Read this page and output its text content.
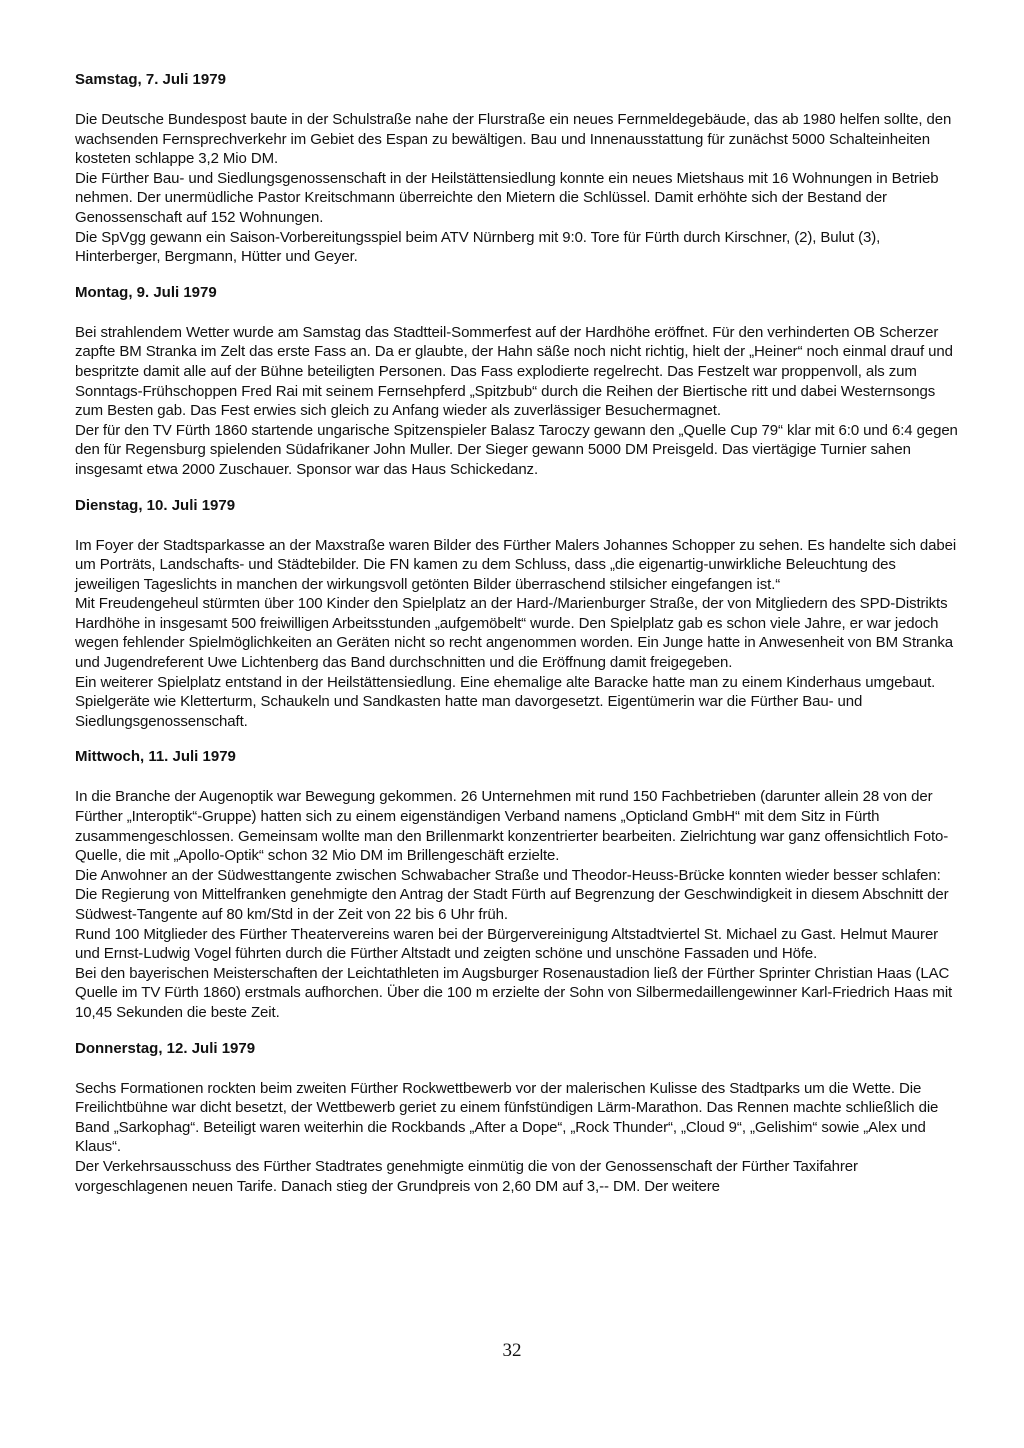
Samstag, 7. Juli 1979

Die Deutsche Bundespost baute in der Schulstraße nahe der Flurstraße ein neues Fernmeldegebäude, das ab 1980 helfen sollte, den wachsenden Fernsprechverkehr im Gebiet des Espan zu bewältigen. Bau und Innenausstattung für zunächst 5000 Schalteinheiten kosteten schlappe 3,2 Mio DM.

Die Fürther Bau- und Siedlungsgenossenschaft in der Heilstättensiedlung konnte ein neues Mietshaus mit 16 Wohnungen in Betrieb nehmen. Der unermüdliche Pastor Kreitschmann überreichte den Mietern die Schlüssel. Damit erhöhte sich der Bestand der Genossenschaft auf 152 Wohnungen.

Die SpVgg gewann ein Saison-Vorbereitungsspiel beim ATV Nürnberg mit 9:0. Tore für Fürth durch Kirschner, (2), Bulut (3), Hinterberger, Bergmann, Hütter und Geyer.

Montag, 9. Juli 1979

Bei strahlendem Wetter wurde am Samstag das Stadtteil-Sommerfest auf der Hardhöhe eröffnet. Für den verhinderten OB Scherzer zapfte BM Stranka im Zelt das erste Fass an. Da er glaubte, der Hahn säße noch nicht richtig, hielt der „Heiner“ noch einmal drauf und bespritzte damit alle auf der Bühne beteiligten Personen. Das Fass explodierte regelrecht. Das Festzelt war proppenvoll, als zum Sonntags-Frühschoppen Fred Rai mit seinem Fernsehpferd „Spitzbub“ durch die Reihen der Biertische ritt und dabei Westernsongs zum Besten gab. Das Fest erwies sich gleich zu Anfang wieder als zuverlässiger Besuchermagnet.

Der für den TV Fürth 1860 startende ungarische Spitzenspieler Balasz Taroczy gewann den „Quelle Cup 79“ klar mit 6:0 und 6:4 gegen den für Regensburg spielenden Südafrikaner John Muller. Der Sieger gewann 5000 DM Preisgeld. Das viertägige Turnier sahen insgesamt etwa 2000 Zuschauer. Sponsor war das Haus Schickedanz.

Dienstag, 10. Juli 1979

Im Foyer der Stadtsparkasse an der Maxstraße waren Bilder des Fürther Malers Johannes Schopper zu sehen. Es handelte sich dabei um Porträts, Landschafts- und Städtebilder. Die FN kamen zu dem Schluss, dass „die eigenartig-unwirkliche Beleuchtung des jeweiligen Tageslichts in manchen der wirkungsvoll getönten Bilder überraschend stilsicher eingefangen ist.“

Mit Freudengeheul stürmten über 100 Kinder den Spielplatz an der Hard-/Marienburger Straße, der von Mitgliedern des SPD-Distrikts Hardhöhe in insgesamt 500 freiwilligen Arbeitsstunden „aufgemöbelt“ wurde. Den Spielplatz gab es schon viele Jahre, er war jedoch wegen fehlender Spielmöglichkeiten an Geräten nicht so recht angenommen worden. Ein Junge hatte in Anwesenheit von BM Stranka und Jugendreferent Uwe Lichtenberg das Band durchschnitten und die Eröffnung damit freigegeben.

Ein weiterer Spielplatz entstand in der Heilstättensiedlung. Eine ehemalige alte Baracke hatte man zu einem Kinderhaus umgebaut. Spielgeräte wie Kletterturm, Schaukeln und Sandkasten hatte man davorgesetzt. Eigentümerin war die Fürther Bau- und Siedlungsgenossenschaft.

Mittwoch, 11. Juli 1979

In die Branche der Augenoptik war Bewegung gekommen. 26 Unternehmen mit rund 150 Fachbetrieben (darunter allein 28 von der Fürther „Interoptik“-Gruppe) hatten sich zu einem eigenständigen Verband namens „Opticland GmbH“ mit dem Sitz in Fürth zusammengeschlossen. Gemeinsam wollte man den Brillenmarkt konzentrierter bearbeiten. Zielrichtung war ganz offensichtlich Foto-Quelle, die mit „Apollo-Optik“ schon 32 Mio DM im Brillengeschäft erzielte.

Die Anwohner an der Südwesttangente zwischen Schwabacher Straße und Theodor-Heuss-Brücke konnten wieder besser schlafen: Die Regierung von Mittelfranken genehmigte den Antrag der Stadt Fürth auf Begrenzung der Geschwindigkeit in diesem Abschnitt der Südwest-Tangente auf 80 km/Std in der Zeit von 22 bis 6 Uhr früh.

Rund 100 Mitglieder des Fürther Theatervereins waren bei der Bürgervereinigung Altstadtviertel St. Michael zu Gast. Helmut Maurer und Ernst-Ludwig Vogel führten durch die Fürther Altstadt und zeigten schöne und unschöne Fassaden und Höfe.

Bei den bayerischen Meisterschaften der Leichtathleten im Augsburger Rosenaustadion ließ der Fürther Sprinter Christian Haas (LAC Quelle im TV Fürth 1860) erstmals aufhorchen. Über die 100 m erzielte der Sohn von Silbermedaillengewinner Karl-Friedrich Haas mit 10,45 Sekunden die beste Zeit.

Donnerstag, 12. Juli 1979

Sechs Formationen rockten beim zweiten Fürther Rockwettbewerb vor der malerischen Kulisse des Stadtparks um die Wette. Die Freilichtbühne war dicht besetzt, der Wettbewerb geriet zu einem fünfstündigen Lärm-Marathon. Das Rennen machte schließlich die Band „Sarkophag“. Beteiligt waren weiterhin die Rockbands „After a Dope“, „Rock Thunder“, „Cloud 9“, „Gelishim“ sowie „Alex und Klaus“.

Der Verkehrsausschuss des Fürther Stadtrates genehmigte einmütig die von der Genossenschaft der Fürther Taxifahrer vorgeschlagenen neuen Tarife. Danach stieg der Grundpreis von 2,60 DM auf 3,-- DM. Der weitere

32
